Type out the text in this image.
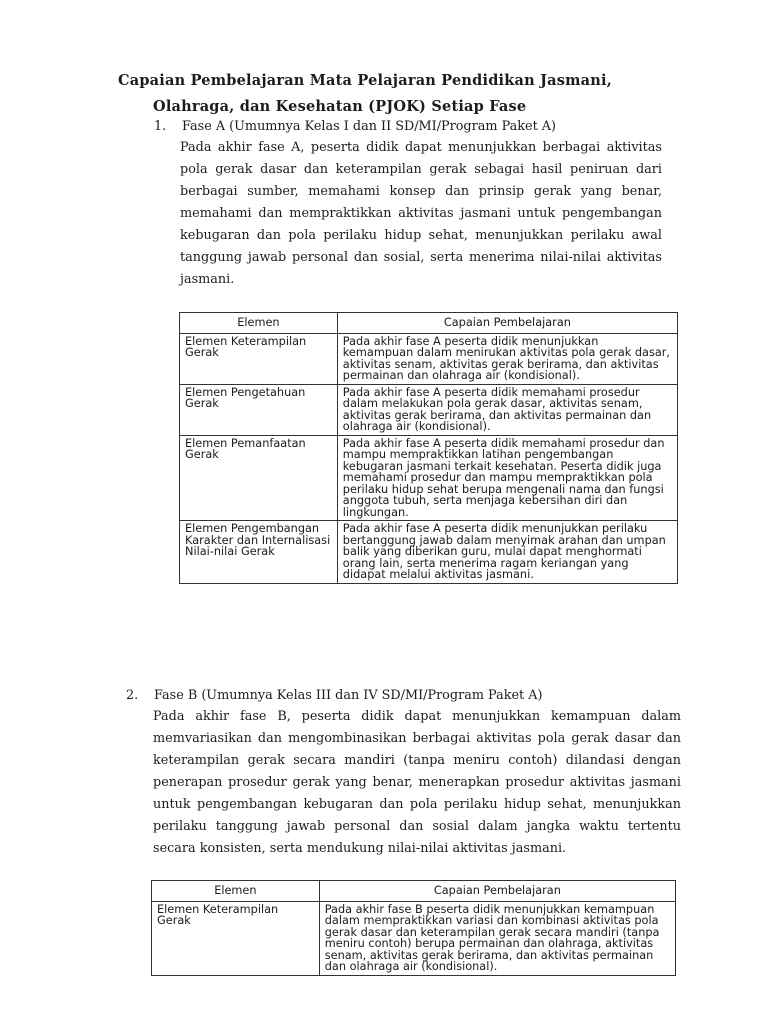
Capaian Pembelajaran Mata Pelajaran Pendidikan Jasmani,
Olahraga, dan Kesehatan (PJOK) Setiap Fase
1. Fase A (Umumnya Kelas I dan II SD/MI/Program Paket A)
Pada akhir fase A, peserta didik dapat menunjukkan berbagai aktivitas pola gerak dasar dan keterampilan gerak sebagai hasil peniruan dari berbagai sumber, memahami konsep dan prinsip gerak yang benar, memahami dan mempraktikkan aktivitas jasmani untuk pengembangan kebugaran dan pola perilaku hidup sehat, menunjukkan perilaku awal tanggung jawab personal dan sosial, serta menerima nilai-nilai aktivitas jasmani.
Elemen	Capaian Pembelajaran
Elemen Keterampilan Gerak	Pada akhir fase A peserta didik menunjukkan kemampuan dalam menirukan aktivitas pola gerak dasar, aktivitas senam, aktivitas gerak berirama, dan aktivitas permainan dan olahraga air (kondisional).
Elemen Pengetahuan Gerak	Pada akhir fase A peserta didik memahami prosedur dalam melakukan pola gerak dasar, aktivitas senam, aktivitas gerak berirama, dan aktivitas permainan dan olahraga air (kondisional).
Elemen Pemanfaatan Gerak	Pada akhir fase A peserta didik memahami prosedur dan mampu mempraktikkan latihan pengembangan kebugaran jasmani terkait kesehatan. Peserta didik juga memahami prosedur dan mampu mempraktikkan pola perilaku hidup sehat berupa mengenali nama dan fungsi anggota tubuh, serta menjaga kebersihan diri dan lingkungan.
Elemen Pengembangan Karakter dan Internalisasi Nilai-nilai Gerak	Pada akhir fase A peserta didik menunjukkan perilaku bertanggung jawab dalam menyimak arahan dan umpan balik yang diberikan guru, mulai dapat menghormati orang lain, serta menerima ragam keriangan yang didapat melalui aktivitas jasmani.
2. Fase B (Umumnya Kelas III dan IV SD/MI/Program Paket A)
Pada akhir fase B, peserta didik dapat menunjukkan kemampuan dalam memvariasikan dan mengombinasikan berbagai aktivitas pola gerak dasar dan keterampilan gerak secara mandiri (tanpa meniru contoh) dilandasi dengan penerapan prosedur gerak yang benar, menerapkan prosedur aktivitas jasmani untuk pengembangan kebugaran dan pola perilaku hidup sehat, menunjukkan perilaku tanggung jawab personal dan sosial dalam jangka waktu tertentu secara konsisten, serta mendukung nilai-nilai aktivitas jasmani.
Elemen	Capaian Pembelajaran
Elemen Keterampilan Gerak	Pada akhir fase B peserta didik menunjukkan kemampuan dalam mempraktikkan variasi dan kombinasi aktivitas pola gerak dasar dan keterampilan gerak secara mandiri (tanpa meniru contoh) berupa permainan dan olahraga, aktivitas senam, aktivitas gerak berirama, dan aktivitas permainan dan olahraga air (kondisional).
